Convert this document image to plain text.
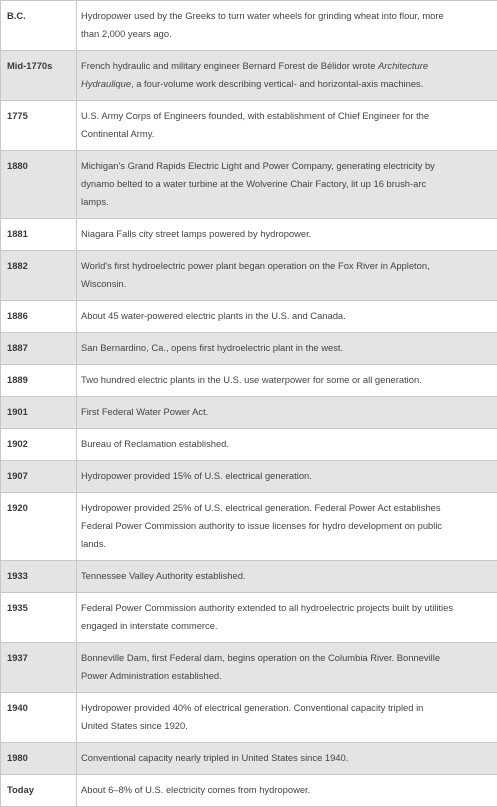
B.C.	Hydropower used by the Greeks to turn water wheels for grinding wheat into flour, more
than 2,000 years ago.

Mid-1770s	French hydraulic and military engineer Bernard Forest de Bélidor wrote Architecture
Hydraulique, a four-volume work describing vertical- and horizontal-axis machines.

1775	U.S. Army Corps of Engineers founded, with establishment of Chief Engineer for the
Continental Army.

1880	Michigan's Grand Rapids Electric Light and Power Company, generating electricity by
dynamo belted to a water turbine at the Wolverine Chair Factory, lit up 16 brush-arc
lamps.

1881	Niagara Falls city street lamps powered by hydropower.

1882	World's first hydroelectric power plant began operation on the Fox River in Appleton,
Wisconsin.

1886	About 45 water-powered electric plants in the U.S. and Canada.

1887	San Bernardino, Ca., opens first hydroelectric plant in the west.

1889	Two hundred electric plants in the U.S. use waterpower for some or all generation.

1901	First Federal Water Power Act.

1902	Bureau of Reclamation established.

1907	Hydropower provided 15% of U.S. electrical generation.

1920	Hydropower provided 25% of U.S. electrical generation. Federal Power Act establishes
Federal Power Commission authority to issue licenses for hydro development on public
lands.

1933	Tennessee Valley Authority established.

1935	Federal Power Commission authority extended to all hydroelectric projects built by utilities
engaged in interstate commerce.

1937	Bonneville Dam, first Federal dam, begins operation on the Columbia River. Bonneville
Power Administration established.

1940	Hydropower provided 40% of electrical generation. Conventional capacity tripled in
United States since 1920.

1980	Conventional capacity nearly tripled in United States since 1940.

Today	About 6–8% of U.S. electricity comes from hydropower.
